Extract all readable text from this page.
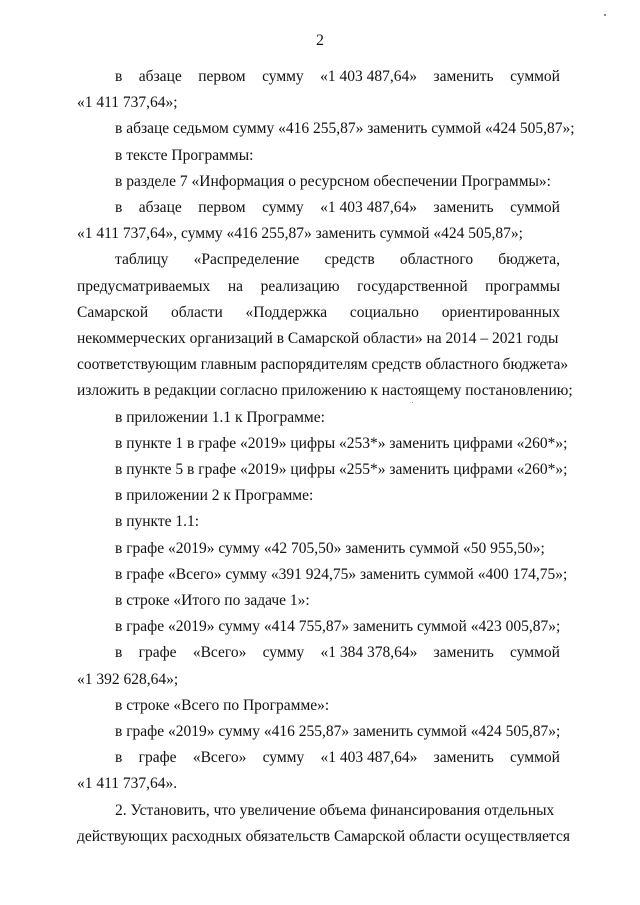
2
в абзаце первом сумму «1 403 487,64» заменить суммой
«1 411 737,64»;
в абзаце седьмом сумму «416 255,87» заменить суммой «424 505,87»;
в тексте Программы:
в разделе 7 «Информация о ресурсном обеспечении Программы»:
в абзаце первом сумму «1 403 487,64» заменить суммой
«1 411 737,64», сумму «416 255,87» заменить суммой «424 505,87»;
таблицу «Распределение средств областного бюджета,
предусматриваемых на реализацию государственной программы
Самарской области «Поддержка социально ориентированных
некоммерческих организаций в Самарской области» на 2014 – 2021 годы
соответствующим главным распорядителям средств областного бюджета»
изложить в редакции согласно приложению к настоящему постановлению;
в приложении 1.1 к Программе:
в пункте 1 в графе «2019» цифры «253*» заменить цифрами «260*»;
в пункте 5 в графе «2019» цифры «255*» заменить цифрами «260*»;
в приложении 2 к Программе:
в пункте 1.1:
в графе «2019» сумму «42 705,50» заменить суммой «50 955,50»;
в графе «Всего» сумму «391 924,75» заменить суммой «400 174,75»;
в строке «Итого по задаче 1»:
в графе «2019» сумму «414 755,87» заменить суммой «423 005,87»;
в графе «Всего» сумму «1 384 378,64» заменить суммой
«1 392 628,64»;
в строке «Всего по Программе»:
в графе «2019» сумму «416 255,87» заменить суммой «424 505,87»;
в графе «Всего» сумму «1 403 487,64» заменить суммой
«1 411 737,64».
2. Установить, что увеличение объема финансирования отдельных
действующих расходных обязательств Самарской области осуществляется
